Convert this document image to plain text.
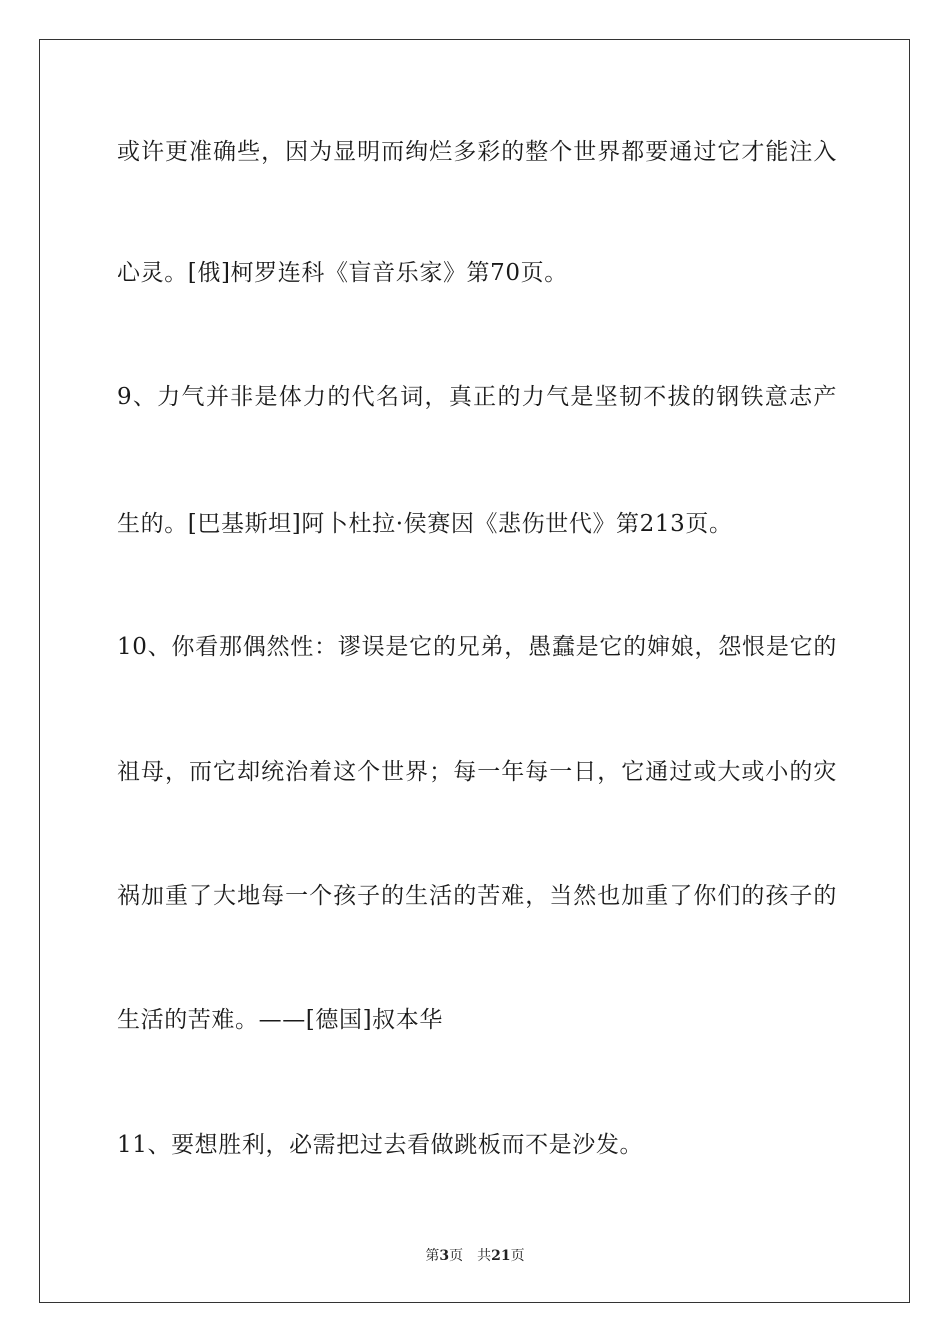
或许更准确些，因为显明而绚烂多彩的整个世界都要通过它才能注入
心灵。[俄]柯罗连科《盲音乐家》第70页。
9、力气并非是体力的代名词，真正的力气是坚韧不拔的钢铁意志产
生的。[巴基斯坦]阿卜杜拉·侯赛因《悲伤世代》第213页。
10、你看那偶然性：谬误是它的兄弟，愚蠢是它的婶娘，怨恨是它的
祖母，而它却统治着这个世界；每一年每一日，它通过或大或小的灾
祸加重了大地每一个孩子的生活的苦难，当然也加重了你们的孩子的
生活的苦难。——[德国]叔本华
11、要想胜利，必需把过去看做跳板而不是沙发。
第3页 共21页
